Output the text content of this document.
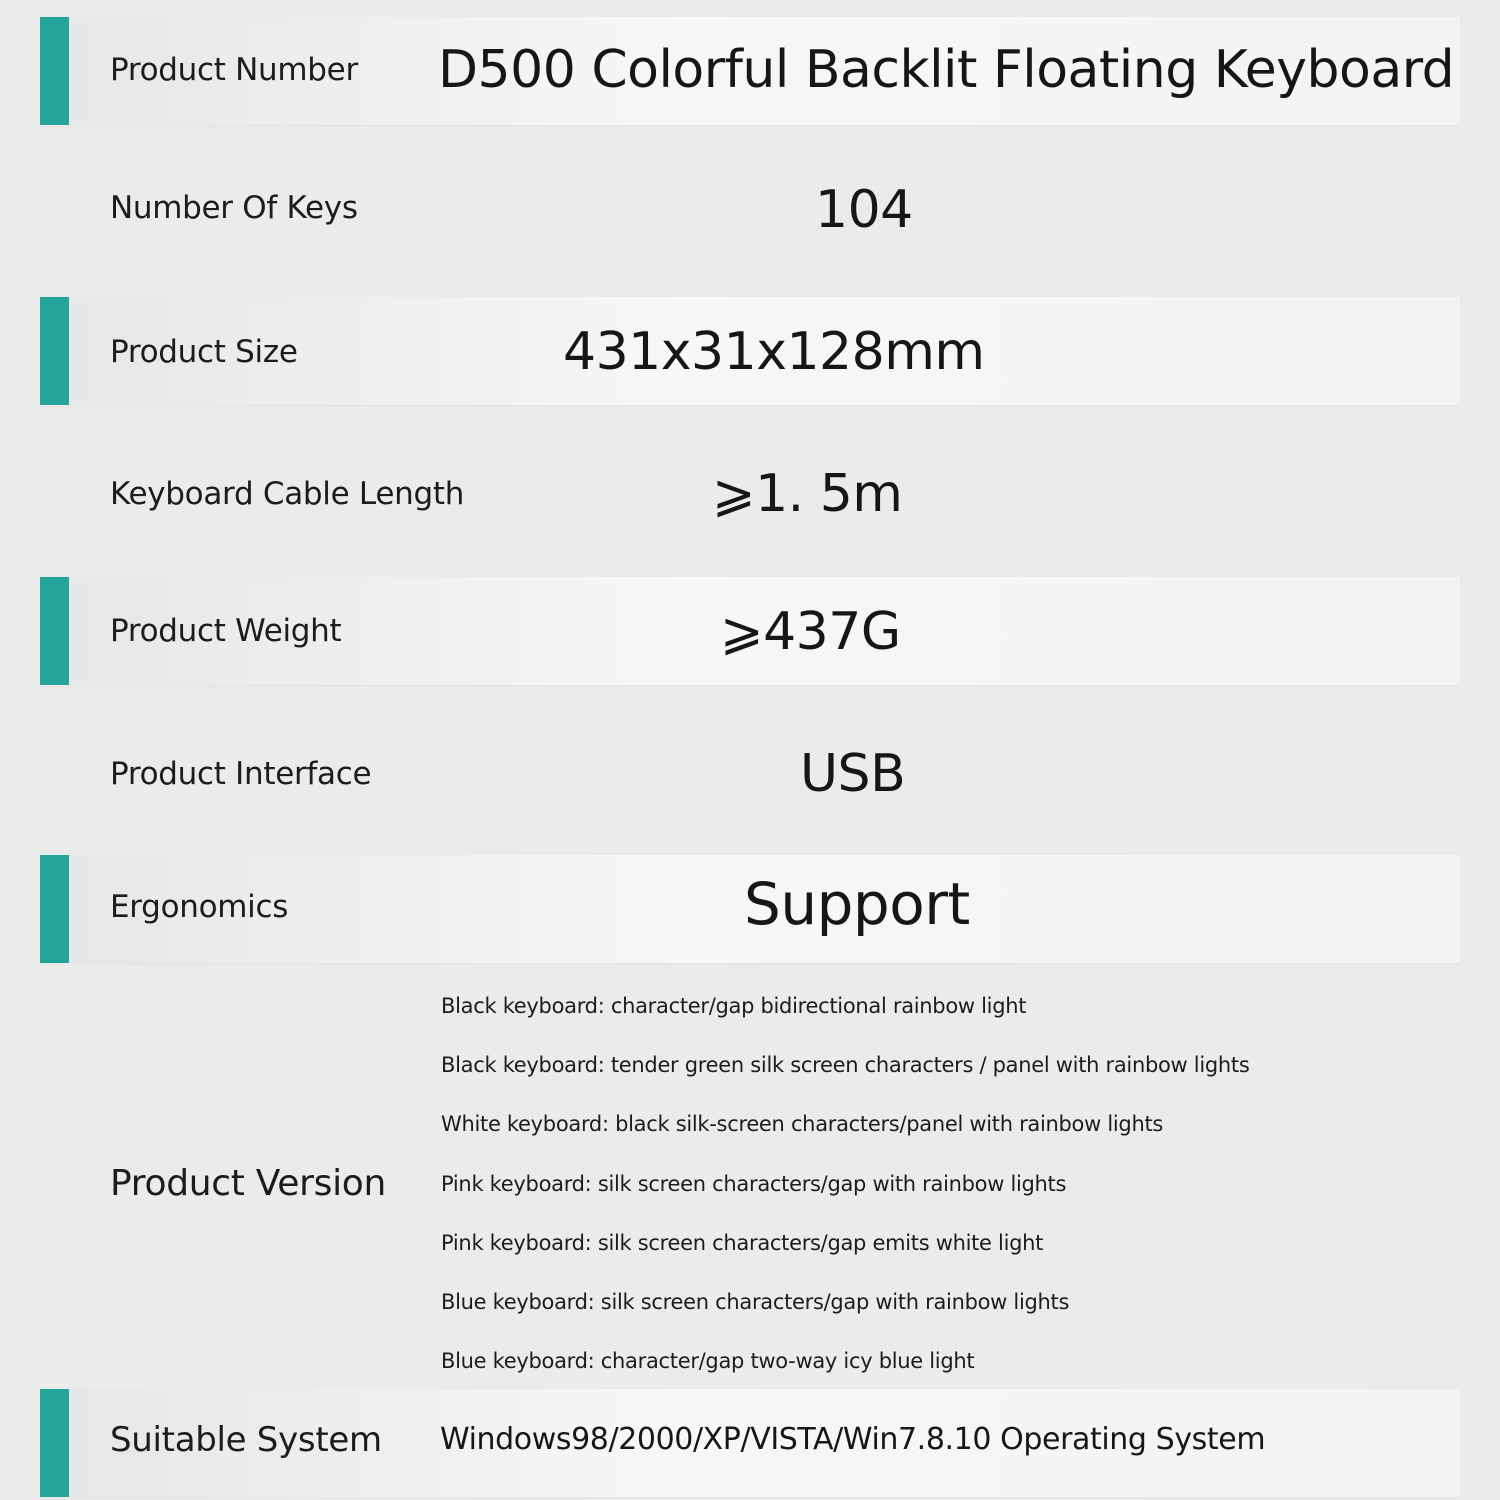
Product Number D500 Colorful Backlit Floating Keyboard
Number Of Keys	104
Product Size	431x31x128mm
Keyboard Cable Length	⩾1. 5m
Product Weight	⩾437G
Product Interface	USB
Ergonomics	Support
Product Version
Black keyboard: character/gap bidirectional rainbow light
Black keyboard: tender green silk screen characters / panel with rainbow lights
White keyboard: black silk-screen characters/panel with rainbow lights
Pink keyboard: silk screen characters/gap with rainbow lights
Pink keyboard: silk screen characters/gap emits white light
Blue keyboard: silk screen characters/gap with rainbow lights
Blue keyboard: character/gap two-way icy blue light
Suitable System Windows98/2000/XP/VISTA/Win7.8.10 Operating System
